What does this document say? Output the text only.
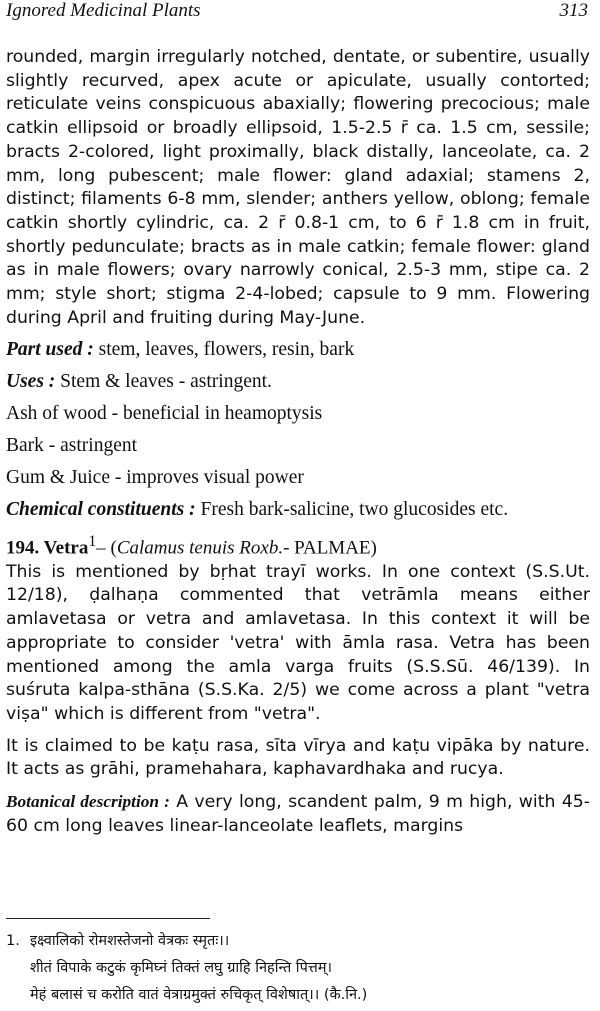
Ignored Medicinal Plants	313

rounded, margin irregularly notched, dentate, or subentire, usually slightly recurved, apex acute or apiculate, usually contorted; reticulate veins conspicuous abaxially; flowering precocious; male catkin ellipsoid or broadly ellipsoid, 1.5-2.5 r̄ ca. 1.5 cm, sessile; bracts 2-colored, light proximally, black distally, lanceolate, ca. 2 mm, long pubescent; male flower: gland adaxial; stamens 2, distinct; filaments 6-8 mm, slender; anthers yellow, oblong; female catkin shortly cylindric, ca. 2 r̄ 0.8-1 cm, to 6 r̄ 1.8 cm in fruit, shortly pedunculate; bracts as in male catkin; female flower: gland as in male flowers; ovary narrowly conical, 2.5-3 mm, stipe ca. 2 mm; style short; stigma 2-4-lobed; capsule to 9 mm. Flowering during April and fruiting during May-June.

Part used : stem, leaves, flowers, resin, bark
Uses : Stem & leaves - astringent.
Ash of wood - beneficial in heamoptysis
Bark - astringent
Gum & Juice - improves visual power
Chemical constituents : Fresh bark-salicine, two glucosides etc.
194. Vetra$^1$– (Calamus tenuis Roxb.- PALMAE)

This is mentioned by bṛhat trayī works. In one context (S.S.Ut. 12/18), ḍalhaṇa commented that vetrāmla means either amlavetasa or vetra and amlavetasa. In this context it will be appropriate to consider 'vetra' with āmla rasa. Vetra has been mentioned among the amla varga fruits (S.S.Sū. 46/139). In suśruta kalpa-sthāna (S.S.Ka. 2/5) we come across a plant "vetra viṣa" which is different from "vetra".

It is claimed to be kaṭu rasa, sīta vīrya and kaṭu vipāka by nature. It acts as grāhi, pramehahara, kaphavardhaka and rucya.

Botanical description : A very long, scandent palm, 9 m high, with 45-60 cm long leaves linear-lanceolate leaflets, margins

1. इक्ष्वालिको रोमशस्तेजनो वेत्रकः स्मृतः।।
शीतं विपाके कटुकं कृमिघ्नं तिक्तं लघु ग्राहि निहन्ति पित्तम्।
मेहं बलासं च करोति वातं वेत्राग्रमुक्तं रुचिकृत् विशेषात्।। (कै.नि.)
